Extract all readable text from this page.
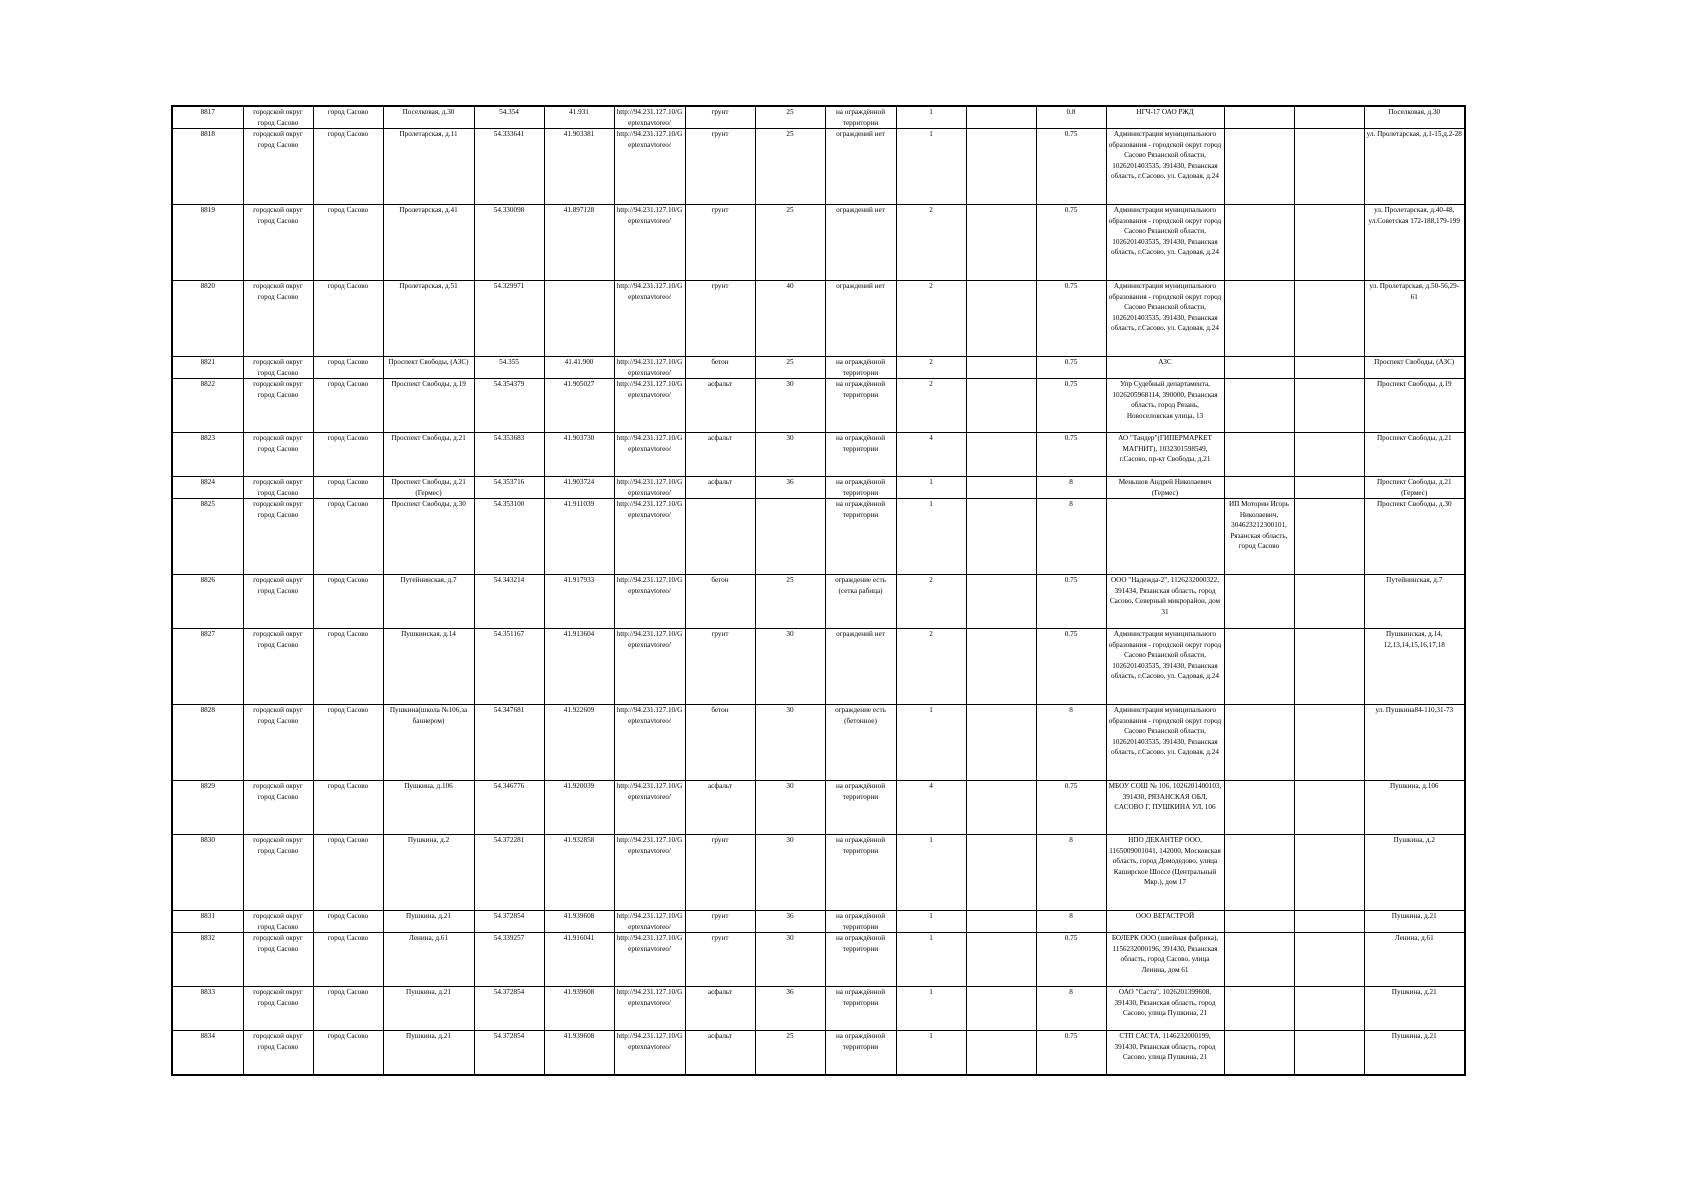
8817	городской округ город Сасово	город Сасово	Поселковая, д.30	54.354	41.931	http://94.231.127.10/Geptexnavtoreo/	грунт	25	на ограждённой территории	1		0.8	НГЧ-17 ОАО РЖД			Поселковая, д.30
8818	городской округ город Сасово	город Сасово	Пролетарская, д.11	54.333641	41.903381	http://94.231.127.10/Geptexnavtoreo/	грунт	25	ограждений нет	1		0.75	Администрация муниципального образования - городской округ город Сасово Рязанской области, 1026201403535, 391430, Рязанская область, г.Сасово, ул. Садовая, д.24			ул. Пролетарская, д.1-15,д.2-28
8819	городской округ город Сасово	город Сасово	Пролетарская, д.41	54.330098	41.897128	http://94.231.127.10/Geptexnavtoreo/	грунт	25	ограждений нет	2		0.75	Администрация муниципального образования - городской округ город Сасово Рязанской области, 1026201403535, 391430, Рязанская область, г.Сасово, ул. Садовая, д.24			ул. Пролетарская, д.40-48, ул.Советская 172-188,179-199
8820	городской округ город Сасово	город Сасово	Пролетарская, д.51	54.329971		http://94.231.127.10/Geptexnavtoreo/	грунт	40	ограждений нет	2		0.75	Администрация муниципального образования - городской округ город Сасово Рязанской области, 1026201403535, 391430, Рязанская область, г.Сасово, ул. Садовая, д.24			ул. Пролетарская, д.50-56,29-61
8821	городской округ город Сасово	город Сасово	Проспект Свободы, (АЗС)	54.355	41.41.900	http://94.231.127.10/Geptexnavtoreo/	бетон	25	на ограждённой территории	2		0.75	АЗС			Проспект Свободы, (АЗС)
8822	городской округ город Сасово	город Сасово	Проспект Свободы, д.19	54.354379	41.905027	http://94.231.127.10/Geptexnavtoreo/	асфальт	30	на ограждённой территории	2		0.75	Упр Судебный департамента, 1026205968114, 390000, Рязанская область, город Рязань, Новоселовская улица, 13			Проспект Свободы, д.19
8823	городской округ город Сасово	город Сасово	Проспект Свободы, д.21	54.353683	41.903730	http://94.231.127.10/Geptexnavtoreo/	асфальт	30	на ограждённой территории	4		0.75	АО "Тандер"(ГИПЕРМАРКЕТ МАГНИТ), 1032301598549, г.Сасово, пр-кт Свободы, д.21			Проспект Свободы, д.21
8824	городской округ город Сасово	город Сасово	Проспект Свободы, д.21 (Гермес)	54.353716	41.903724	http://94.231.127.10/Geptexnavtoreo/	асфальт	36	на ограждённой территории	1		8	Меньшов Андрей Николаевич (Гермес)			Проспект Свободы, д.21 (Гермес)
8825	городской округ город Сасово	город Сасово	Проспект Свободы, д.30	54.353100	41.911039	http://94.231.127.10/Geptexnavtoreo/			на ограждённой территории	1		8		ИП Моторин Игорь Николаевич, 304623212300101, Рязанская область, город Сасово		Проспект Свободы, д.30
8826	городской округ город Сасово	город Сасово	Путейнинская, д.7	54.343214	41.917933	http://94.231.127.10/Geptexnavtoreo/	бетон	25	ограждение есть (сетка рабица)	2		0.75	ООО "Надежда-2", 1126232000322, 391434, Рязанская область, город Сасово, Северный микрорайон, дом 31			Путейнинская, д.7
8827	городской округ город Сасово	город Сасово	Пушкинская, д.14	54.351167	41.913604	http://94.231.127.10/Geptexnavtoreo/	грунт	30	ограждений нет	2		0.75	Администрация муниципального образования - городской округ город Сасово Рязанской области, 1026201403535, 391430, Рязанская область, г.Сасово, ул. Садовая, д.24			Пушкинская, д.14, 12,13,14,15,16,17,18
8828	городской округ город Сасово	город Сасово	Пушкина(школа №106,за баннером)	54.347681	41.922609	http://94.231.127.10/Geptexnavtoreo/	бетон	30	ограждение есть (бетонное)	1		8	Администрация муниципального образования - городской округ город Сасово Рязанской области, 1026201403535, 391430, Рязанская область, г.Сасово, ул. Садовая, д.24			ул. Пушкина84-110,31-73
8829	городской округ город Сасово	город Сасово	Пушкина, д.106	54.346776	41.920039	http://94.231.127.10/Geptexnavtoreo/	асфальт	30	на ограждённой территории	4		0.75	МБОУ СОШ № 106, 1026201400103, 391430, РЯЗАНСКАЯ ОБЛ, САСОВО Г, ПУШКИНА УЛ, 106			Пушкина, д.106
8830	городской округ город Сасово	город Сасово	Пушкина, д.2	54.372281	41.932858	http://94.231.127.10/Geptexnavtoreo/	грунт	30	на ограждённой территории	1		8	НПО ДЕКАНТЕР ООО, 1165009001041, 142000, Московская область, город Домодедово, улица Каширское Шоссе (Центральный Мкр.), дом 17			Пушкина, д.2
8831	городской округ город Сасово	город Сасово	Пушкина, д.21	54.372854	41.939608	http://94.231.127.10/Geptexnavtoreo/	грунт	36	на ограждённой территории	1		8	ООО ВЕГАСТРОЙ			Пушкина, д.21
8832	городской округ город Сасово	город Сасово	Ленина, д.61	54.339257	41.916041	http://94.231.127.10/Geptexnavtoreo/	грунт	30	на ограждённой территории	1		0.75	БОЛЕРК ООО (швейная фабрика), 1156232000196, 391430, Рязанская область, город Сасово, улица Ленина, дом 61			Ленина, д.61
8833	городской округ город Сасово	город Сасово	Пушкина, д.21	54.372854	41.939608	http://94.231.127.10/Geptexnavtoreo/	асфальт	36	на ограждённой территории	1		8	ОАО "Саста", 1026201399608, 391430, Рязанская область, город Сасово, улица Пушкина, 21			Пушкина, д.21
8834	городской округ город Сасово	город Сасово	Пушкина, д.21	54.372854	41.939608	http://94.231.127.10/Geptexnavtoreo/	асфальт	25	на ограждённой территории	1		0.75	СТП САСТА, 1146232000199, 391430, Рязанская область, город Сасово, улица Пушкина, 21			Пушкина, д.21
